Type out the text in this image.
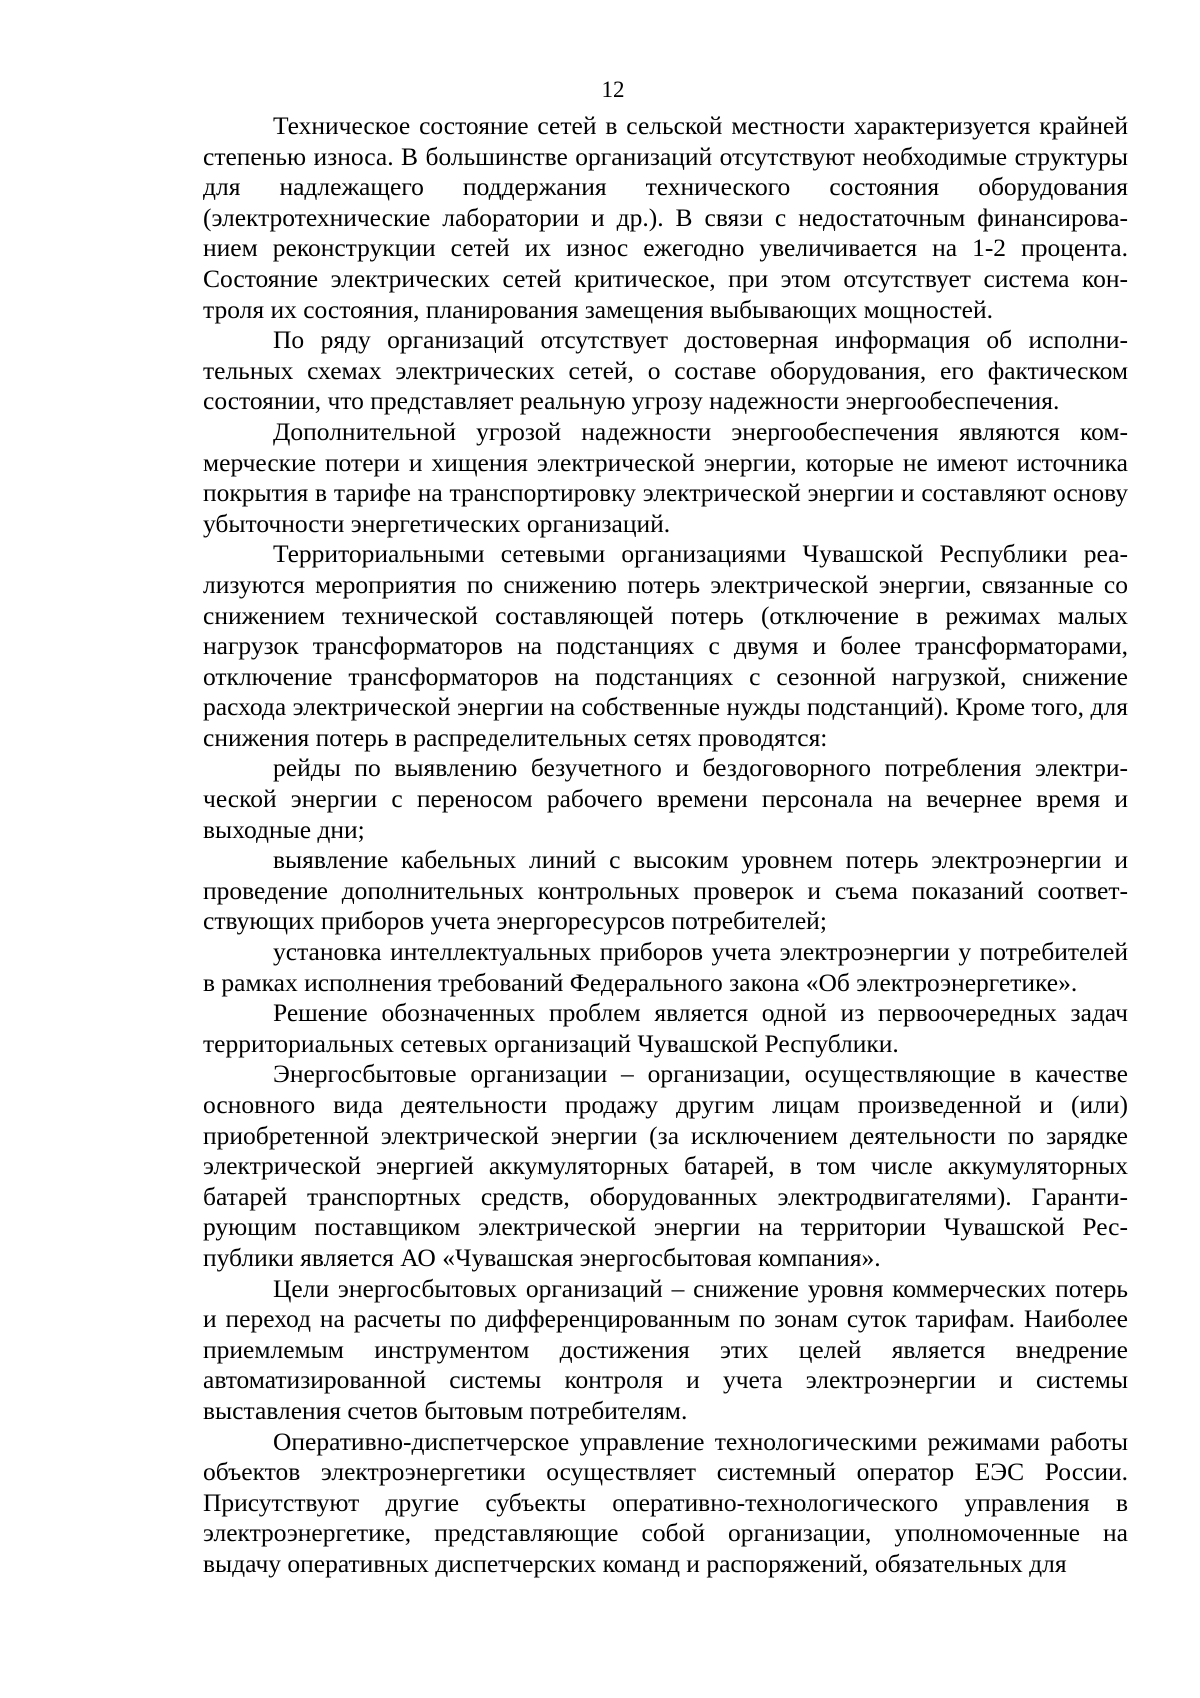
12

Техническое состояние сетей в сельской местности характеризуется крайней степенью износа. В большинстве организаций отсутствуют необходимые структуры для надлежащего поддержания технического состояния оборудования (электротехнические лаборатории и др.). В связи с недостаточным финансированием реконструкции сетей их износ ежегодно увеличивается на 1-2 процента. Состояние электрических сетей критическое, при этом отсутствует система контроля их состояния, планирования замещения выбывающих мощностей.

По ряду организаций отсутствует достоверная информация об исполнительных схемах электрических сетей, о составе оборудования, его фактическом состоянии, что представляет реальную угрозу надежности энергообеспечения.

Дополнительной угрозой надежности энергообеспечения являются коммерческие потери и хищения электрической энергии, которые не имеют источника покрытия в тарифе на транспортировку электрической энергии и составляют основу убыточности энергетических организаций.

Территориальными сетевыми организациями Чувашской Республики реализуются мероприятия по снижению потерь электрической энергии, связанные со снижением технической составляющей потерь (отключение в режимах малых нагрузок трансформаторов на подстанциях с двумя и более трансформаторами, отключение трансформаторов на подстанциях с сезонной нагрузкой, снижение расхода электрической энергии на собственные нужды подстанций). Кроме того, для снижения потерь в распределительных сетях проводятся:

рейды по выявлению безучетного и бездоговорного потребления электрической энергии с переносом рабочего времени персонала на вечернее время и выходные дни;

выявление кабельных линий с высоким уровнем потерь электроэнергии и проведение дополнительных контрольных проверок и съема показаний соответствующих приборов учета энергоресурсов потребителей;

установка интеллектуальных приборов учета электроэнергии у потребителей в рамках исполнения требований Федерального закона «Об электроэнергетике».

Решение обозначенных проблем является одной из первоочередных задач территориальных сетевых организаций Чувашской Республики.

Энергосбытовые организации – организации, осуществляющие в качестве основного вида деятельности продажу другим лицам произведенной и (или) приобретенной электрической энергии (за исключением деятельности по зарядке электрической энергией аккумуляторных батарей, в том числе аккумуляторных батарей транспортных средств, оборудованных электродвигателями). Гарантирующим поставщиком электрической энергии на территории Чувашской Республики является АО «Чувашская энергосбытовая компания».

Цели энергосбытовых организаций – снижение уровня коммерческих потерь и переход на расчеты по дифференцированным по зонам суток тарифам. Наиболее приемлемым инструментом достижения этих целей является внедрение автоматизированной системы контроля и учета электроэнергии и системы выставления счетов бытовым потребителям.

Оперативно-диспетчерское управление технологическими режимами работы объектов электроэнергетики осуществляет системный оператор ЕЭС России. Присутствуют другие субъекты оперативно-технологического управления в электроэнергетике, представляющие собой организации, уполномоченные на выдачу оперативных диспетчерских команд и распоряжений, обязательных для
